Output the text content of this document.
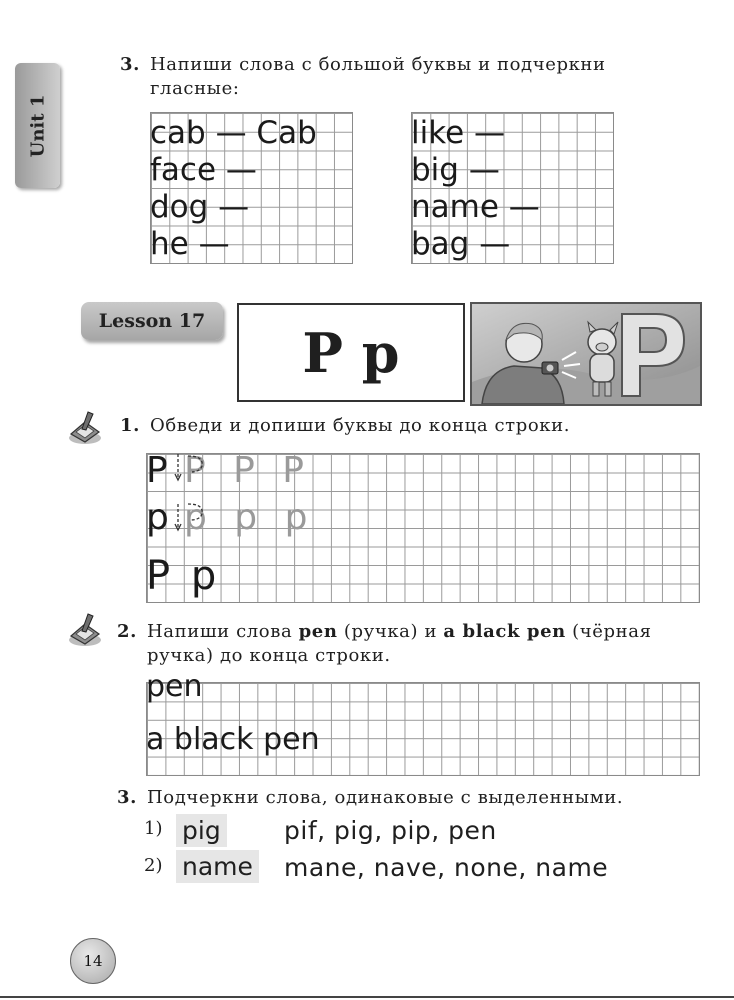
Unit 1
3. Напиши слова с большой буквы и подчеркни
гласные:
cab — Cab
face —
dog —
he —
like —
big —
name —
bag —
Lesson 17	P p
1. Обведи и допиши буквы до конца строки.
P P P P
p p p p
P p
2. Напиши слова pen (ручка) и a black pen (чёрная
ручка) до конца строки.
pen
a black pen
3. Подчеркни слова, одинаковые с выделенными.
1) pig	pif, pig, pip, pen
2) name mane, nave, none, name
14
